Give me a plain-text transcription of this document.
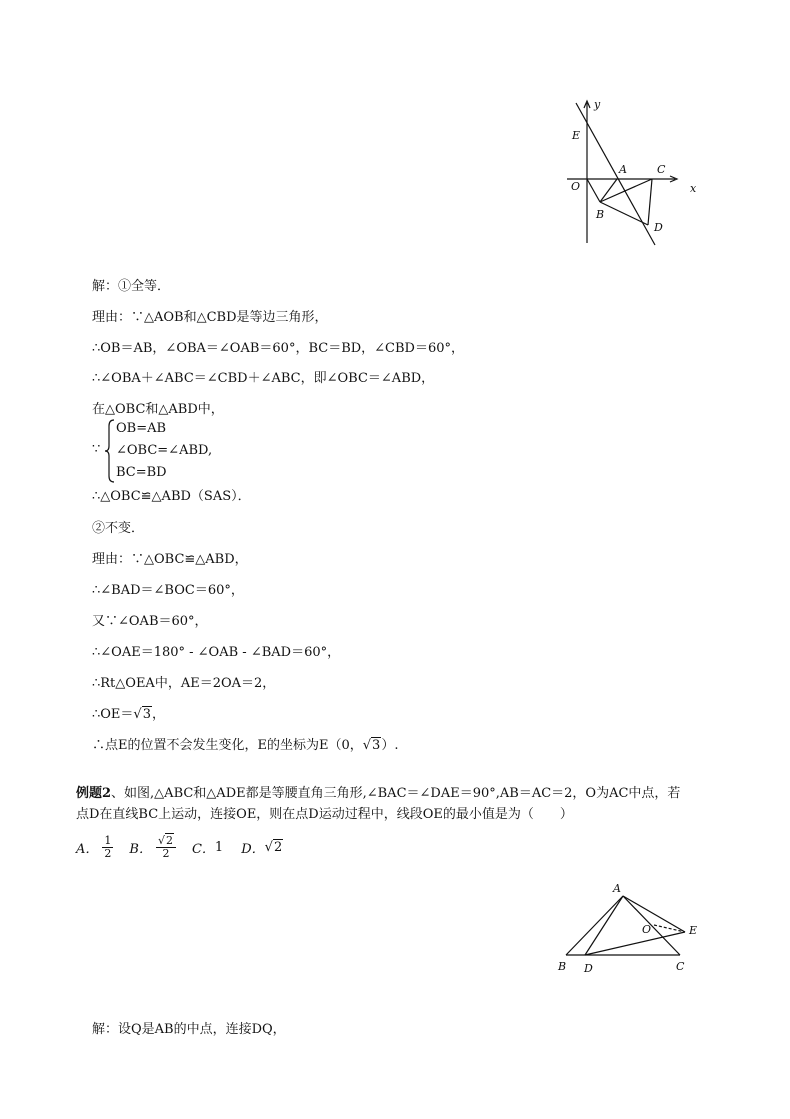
y
x
E
A	C
O
B
D
解：①全等．
理由：∵△AOB和△CBD是等边三角形，
∴OB＝AB，∠OBA＝∠OAB＝60°，BC＝BD，∠CBD＝60°，
∴∠OBA＋∠ABC＝∠CBD＋∠ABC，即∠OBC＝∠ABD，
在△OBC和△ABD中，
∵
OB=AB
∠OBC=∠ABD,
BC=BD
∴△OBC≌△ABD（SAS）．
②不变．
理由：∵△OBC≌△ABD，
∴∠BAD＝∠BOC＝60°，
又∵∠OAB＝60°，
∴∠OAE＝180° - ∠OAB - ∠BAD＝60°，
∴Rt△OEA中，AE＝2OA＝2，
∴OE＝√3，
∴点E的位置不会发生变化，E的坐标为E（0，√3）.
例题2、如图,△ABC和△ADE都是等腰直角三角形,∠BAC＝∠DAE＝90°,AB＝AC＝2，O为AC中点，若
点D在直线BC上运动，连接OE，则在点D运动过程中，线段OE的最小值是为（　　）
A． $\frac{1}{2}$ B． $\frac{√2}{2}$ C． 1 D． √2
A
O	E
B D	C
解：设Q是AB的中点，连接DQ，
